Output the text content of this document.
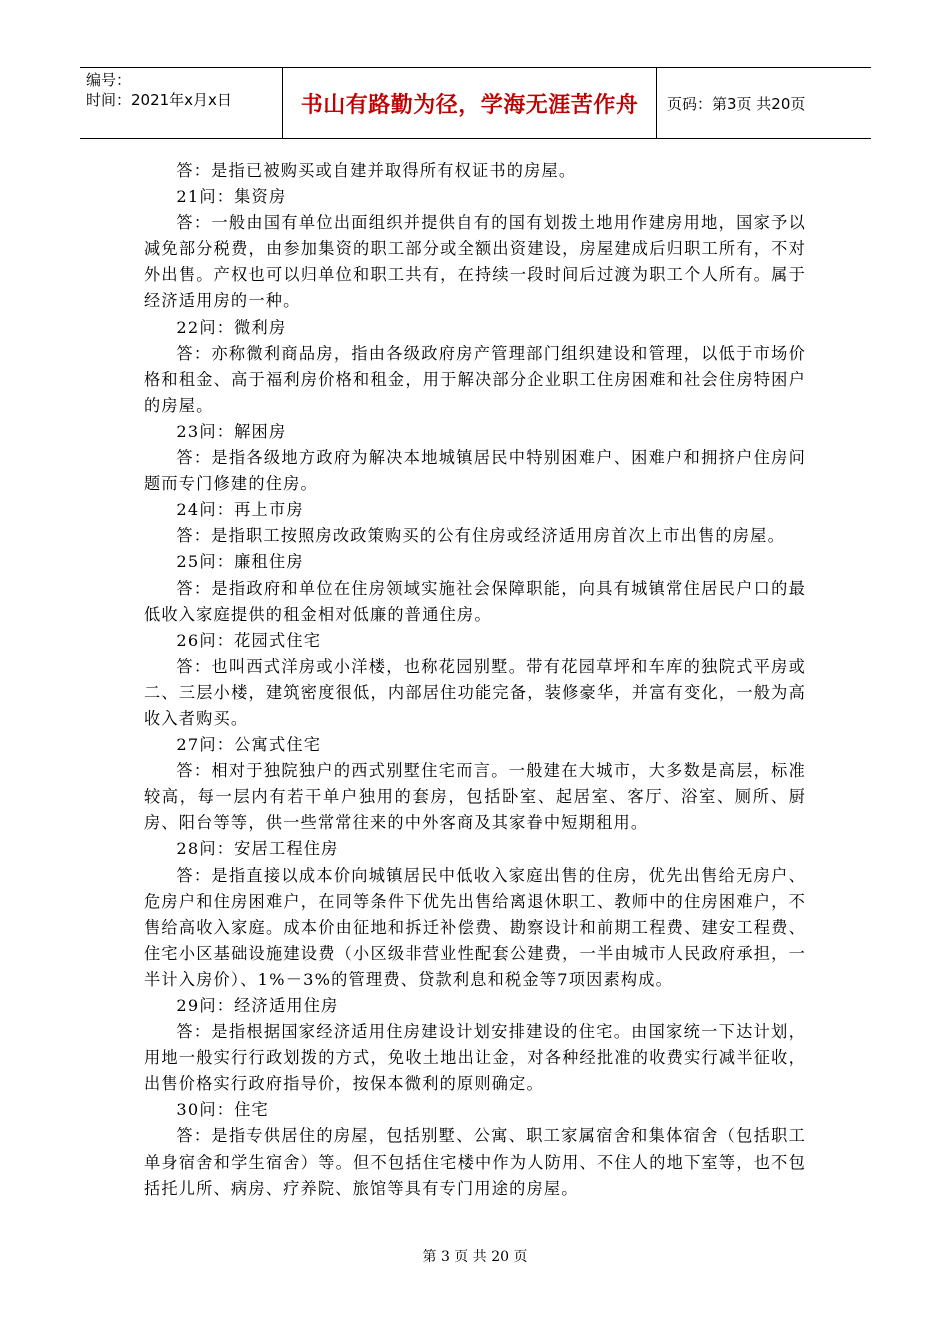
编号：
时间：2021年x月x日	书山有路勤为径，学海无涯苦作舟	页码：第3页 共20页

答：是指已被购买或自建并取得所有权证书的房屋。

21问：集资房

答：一般由国有单位出面组织并提供自有的国有划拨土地用作建房用地，国家予以减免部分税费，由参加集资的职工部分或全额出资建设，房屋建成后归职工所有，不对外出售。产权也可以归单位和职工共有，在持续一段时间后过渡为职工个人所有。属于经济适用房的一种。

22问：微利房

答：亦称微利商品房，指由各级政府房产管理部门组织建设和管理，以低于市场价格和租金、高于福利房价格和租金，用于解决部分企业职工住房困难和社会住房特困户的房屋。

23问：解困房

答：是指各级地方政府为解决本地城镇居民中特别困难户、困难户和拥挤户住房问题而专门修建的住房。

24问：再上市房

答：是指职工按照房改政策购买的公有住房或经济适用房首次上市出售的房屋。

25问：廉租住房

答：是指政府和单位在住房领域实施社会保障职能，向具有城镇常住居民户口的最低收入家庭提供的租金相对低廉的普通住房。

26问：花园式住宅

答：也叫西式洋房或小洋楼，也称花园别墅。带有花园草坪和车库的独院式平房或二、三层小楼，建筑密度很低，内部居住功能完备，装修豪华，并富有变化，一般为高收入者购买。

27问：公寓式住宅

答：相对于独院独户的西式别墅住宅而言。一般建在大城市，大多数是高层，标准较高，每一层内有若干单户独用的套房，包括卧室、起居室、客厅、浴室、厕所、厨房、阳台等等，供一些常常往来的中外客商及其家眷中短期租用。

28问：安居工程住房

答：是指直接以成本价向城镇居民中低收入家庭出售的住房，优先出售给无房户、危房户和住房困难户，在同等条件下优先出售给离退休职工、教师中的住房困难户，不售给高收入家庭。成本价由征地和拆迁补偿费、勘察设计和前期工程费、建安工程费、住宅小区基础设施建设费（小区级非营业性配套公建费，一半由城市人民政府承担，一半计入房价）、1%－3%的管理费、贷款利息和税金等7项因素构成。

29问：经济适用住房

答：是指根据国家经济适用住房建设计划安排建设的住宅。由国家统一下达计划，用地一般实行行政划拨的方式，免收土地出让金，对各种经批准的收费实行减半征收，出售价格实行政府指导价，按保本微利的原则确定。

30问：住宅

答：是指专供居住的房屋，包括别墅、公寓、职工家属宿舍和集体宿舍（包括职工单身宿舍和学生宿舍）等。但不包括住宅楼中作为人防用、不住人的地下室等，也不包括托儿所、病房、疗养院、旅馆等具有专门用途的房屋。

第 3 页 共 20 页
